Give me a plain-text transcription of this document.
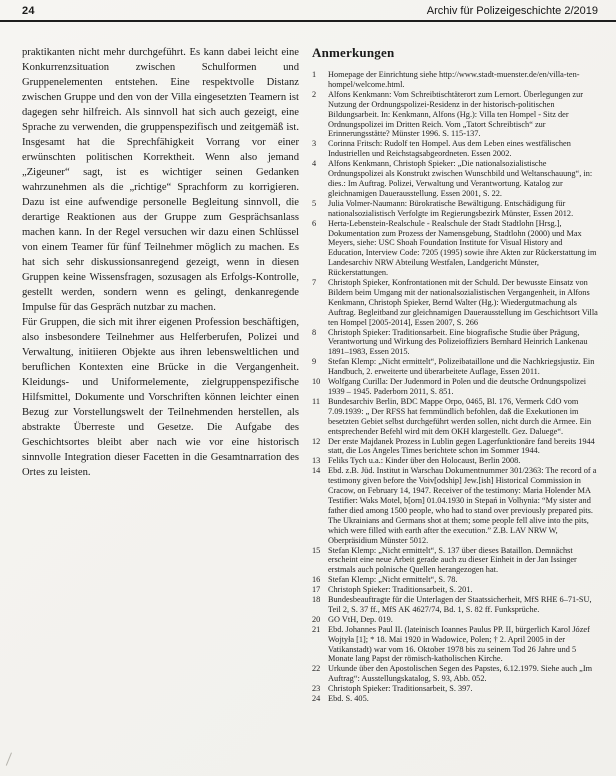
24	Archiv für Polizeigeschichte 2/2019

praktikanten nicht mehr durchgeführt. Es kann dabei leicht eine Konkurrenzsituation zwischen Schulformen und Gruppenelementen entstehen. Eine respektvolle Distanz zwischen Gruppe und den von der Villa eingesetzten Teamern ist dagegen sehr hilfreich. Als sinnvoll hat sich auch gezeigt, eine Sprache zu verwenden, die gruppenspezifisch und zeitgemäß ist. Insgesamt hat die Sprechfähigkeit Vorrang vor einer erwünschten politischen Korrektheit. Wenn also jemand „Zigeuner“ sagt, ist es wichtiger seinen Gedanken wahrzunehmen als die „richtige“ Sprachform zu korrigieren. Dazu ist eine aufwendige personelle Begleitung sinnvoll, die derartige Reaktionen aus der Gruppe zum Gesprächsanlass machen kann. In der Regel versuchen wir dazu einen Schlüssel von einem Teamer für fünf Teilnehmer möglich zu machen. Es hat sich sehr diskussionsanregend gezeigt, wenn in diesen Gruppen keine Wissensfragen, sozusagen als Erfolgs-Kontrolle, gestellt werden, sondern wenn es gelingt, denkanregende Impulse für das Gespräch nutzbar zu machen.

Für Gruppen, die sich mit ihrer eigenen Profession beschäftigen, also insbesondere Teilnehmer aus Helferberufen, Polizei und Verwaltung, initiieren Objekte aus ihren lebensweltlichen und beruflichen Kontexten eine Brücke in die Vergangenheit. Kleidungs- und Uniformelemente, zielgruppenspezifische Hilfsmittel, Dokumente und Vorschriften können leichter einen Bezug zur Vorstellungswelt der Teilnehmenden herstellen, als abstrakte Überreste und Gesetze. Die Aufgabe des Geschichtsortes bleibt aber nach wie vor eine historisch sinnvolle Integration dieser Facetten in die Gesamtnarration des Ortes zu leisten.

Anmerkungen
1	Homepage der Einrichtung siehe http://www.stadt-muenster.de/en/villa-ten-hompel/welcome.html.
2	Alfons Kenkmann: Vom Schreibtischtäterort zum Lernort. Überlegungen zur Nutzung der Ordnungspolizei-Residenz in der historisch-politischen Bildungsarbeit. In: Kenkmann, Alfons (Hg.): Villa ten Hompel - Sitz der Ordnungspolizei im Dritten Reich. Vom „Tatort Schreibtisch“ zur Erinnerungsstätte? Münster 1996. S. 115-137.
3	Corinna Fritsch: Rudolf ten Hompel. Aus dem Leben eines westfälischen Industriellen und Reichstagsabgeordneten. Essen 2002.
4	Alfons Kenkmann, Christoph Spieker: „Die nationalsozialistische Ordnungspolizei als Konstrukt zwischen Wunschbild und Weltanschauung“, in: dies.: Im Auftrag. Polizei, Verwaltung und Verantwortung. Katalog zur gleichnamigen Dauerausstellung. Essen 2001, S. 22.
5	Julia Volmer-Naumann: Bürokratische Bewältigung. Entschädigung für nationalsozialistisch Verfolgte im Regierungsbezirk Münster, Essen 2012.
6	Herta-Lebenstein-Realschule - Realschule der Stadt Stadtlohn [Hrsg.], Dokumentation zum Prozess der Namensgebung, Stadtlohn (2000) und Max Meyers, siehe: USC Shoah Foundation Institute for Visual History and Education, Interview Code: 7205 (1995) sowie ihre Akten zur Rückerstattung im Landesarchiv NRW Abteilung Westfalen, Landgericht Münster, Rückerstattungen.
7	Christoph Spieker, Konfrontationen mit der Schuld. Der bewusste Einsatz von Bildern beim Umgang mit der nationalsozialistischen Vergangenheit, in Alfons Kenkmann, Christoph Spieker, Bernd Walter (Hg.): Wiedergutmachung als Auftrag. Begleitband zur gleichnamigen Dauerausstellung im Geschichtsort Villa ten Hompel [2005-2014], Essen 2007, S. 266
8	Christoph Spieker: Traditionsarbeit. Eine biografische Studie über Prägung, Verantwortung und Wirkung des Polizeioffiziers Bernhard Heinrich Lankenau 1891–1983, Essen 2015.
9	Stefan Klemp: „Nicht ermittelt“, Polizeibataillone und die Nachkriegsjustiz. Ein Handbuch, 2. erweiterte und überarbeitete Auflage, Essen 2011.
10 Wolfgang Curilla: Der Judenmord in Polen und die deutsche Ordnungspolizei 1939 – 1945. Paderborn 2011, S. 851.
11 Bundesarchiv Berlin, BDC Mappe Orpo, 0465, Bl. 176, Vermerk CdO vom 7.09.1939: „ Der RFSS hat fernmündlich befohlen, daß die Exekutionen im besetzten Gebiet selbst durchgeführt werden sollen, nicht durch die Armee. Ein entsprechender Befehl wird mit dem OKH klargestellt. Gez. Daluege“.
12 Der erste Majdanek Prozess in Lublin gegen Lagerfunktionäre fand bereits 1944 statt, die Los Angeles Times berichtete schon im Sommer 1944.
13 Feliks Tych u.a.: Kinder über den Holocaust, Berlin 2008.
14 Ebd. z.B. Jüd. Institut in Warschau Dokumentnummer 301/2363: The record of a testimony given before the Voiv[odship] Jew.[ish] Historical Commission in Cracow, on February 14, 1947. Receiver of the testimony: Maria Holender MA Testifier: Waks Motel, b[orn] 01.04.1930 in Stepań in Volhynia: “My sister and father died among 1500 people, who had to stand over previously prepared pits. The Ukrainians and Germans shot at them; some people fell alive into the pits, which were filled with earth after the execution.” Z.B. LAV NRW W, Oberpräsidium Münster 5012.
15 Stefan Klemp: „Nicht ermittelt“, S. 137 über dieses Bataillon. Demnächst erscheint eine neue Arbeit gerade auch zu dieser Einheit in der Jan Issinger erstmals auch polnische Quellen herangezogen hat.
16 Stefan Klemp: „Nicht ermittelt“, S. 78.
17 Christoph Spieker: Traditionsarbeit, S. 201.
18 Bundesbeauftragte für die Unterlagen der Staatssicherheit, MfS RHE 6–71-SU, Teil 2, S. 37 ff., MfS AK 4627/74, Bd. 1, S. 82 ff. Funksprüche.
20 GO VtH, Dep. 019.
21 Ebd. Johannes Paul II. (lateinisch Ioannes Paulus PP. II, bürgerlich Karol Józef Wojtyła [1]; * 18. Mai 1920 in Wadowice, Polen; † 2. April 2005 in der Vatikanstadt) war vom 16. Oktober 1978 bis zu seinem Tod 26 Jahre und 5 Monate lang Papst der römisch-katholischen Kirche.
22 Urkunde über den Apostolischen Segen des Papstes, 6.12.1979. Siehe auch „Im Auftrag“: Ausstellungskatalog, S. 93, Abb. 052.
23 Christoph Spieker: Traditionsarbeit, S. 397.
24 Ebd. S. 405.
